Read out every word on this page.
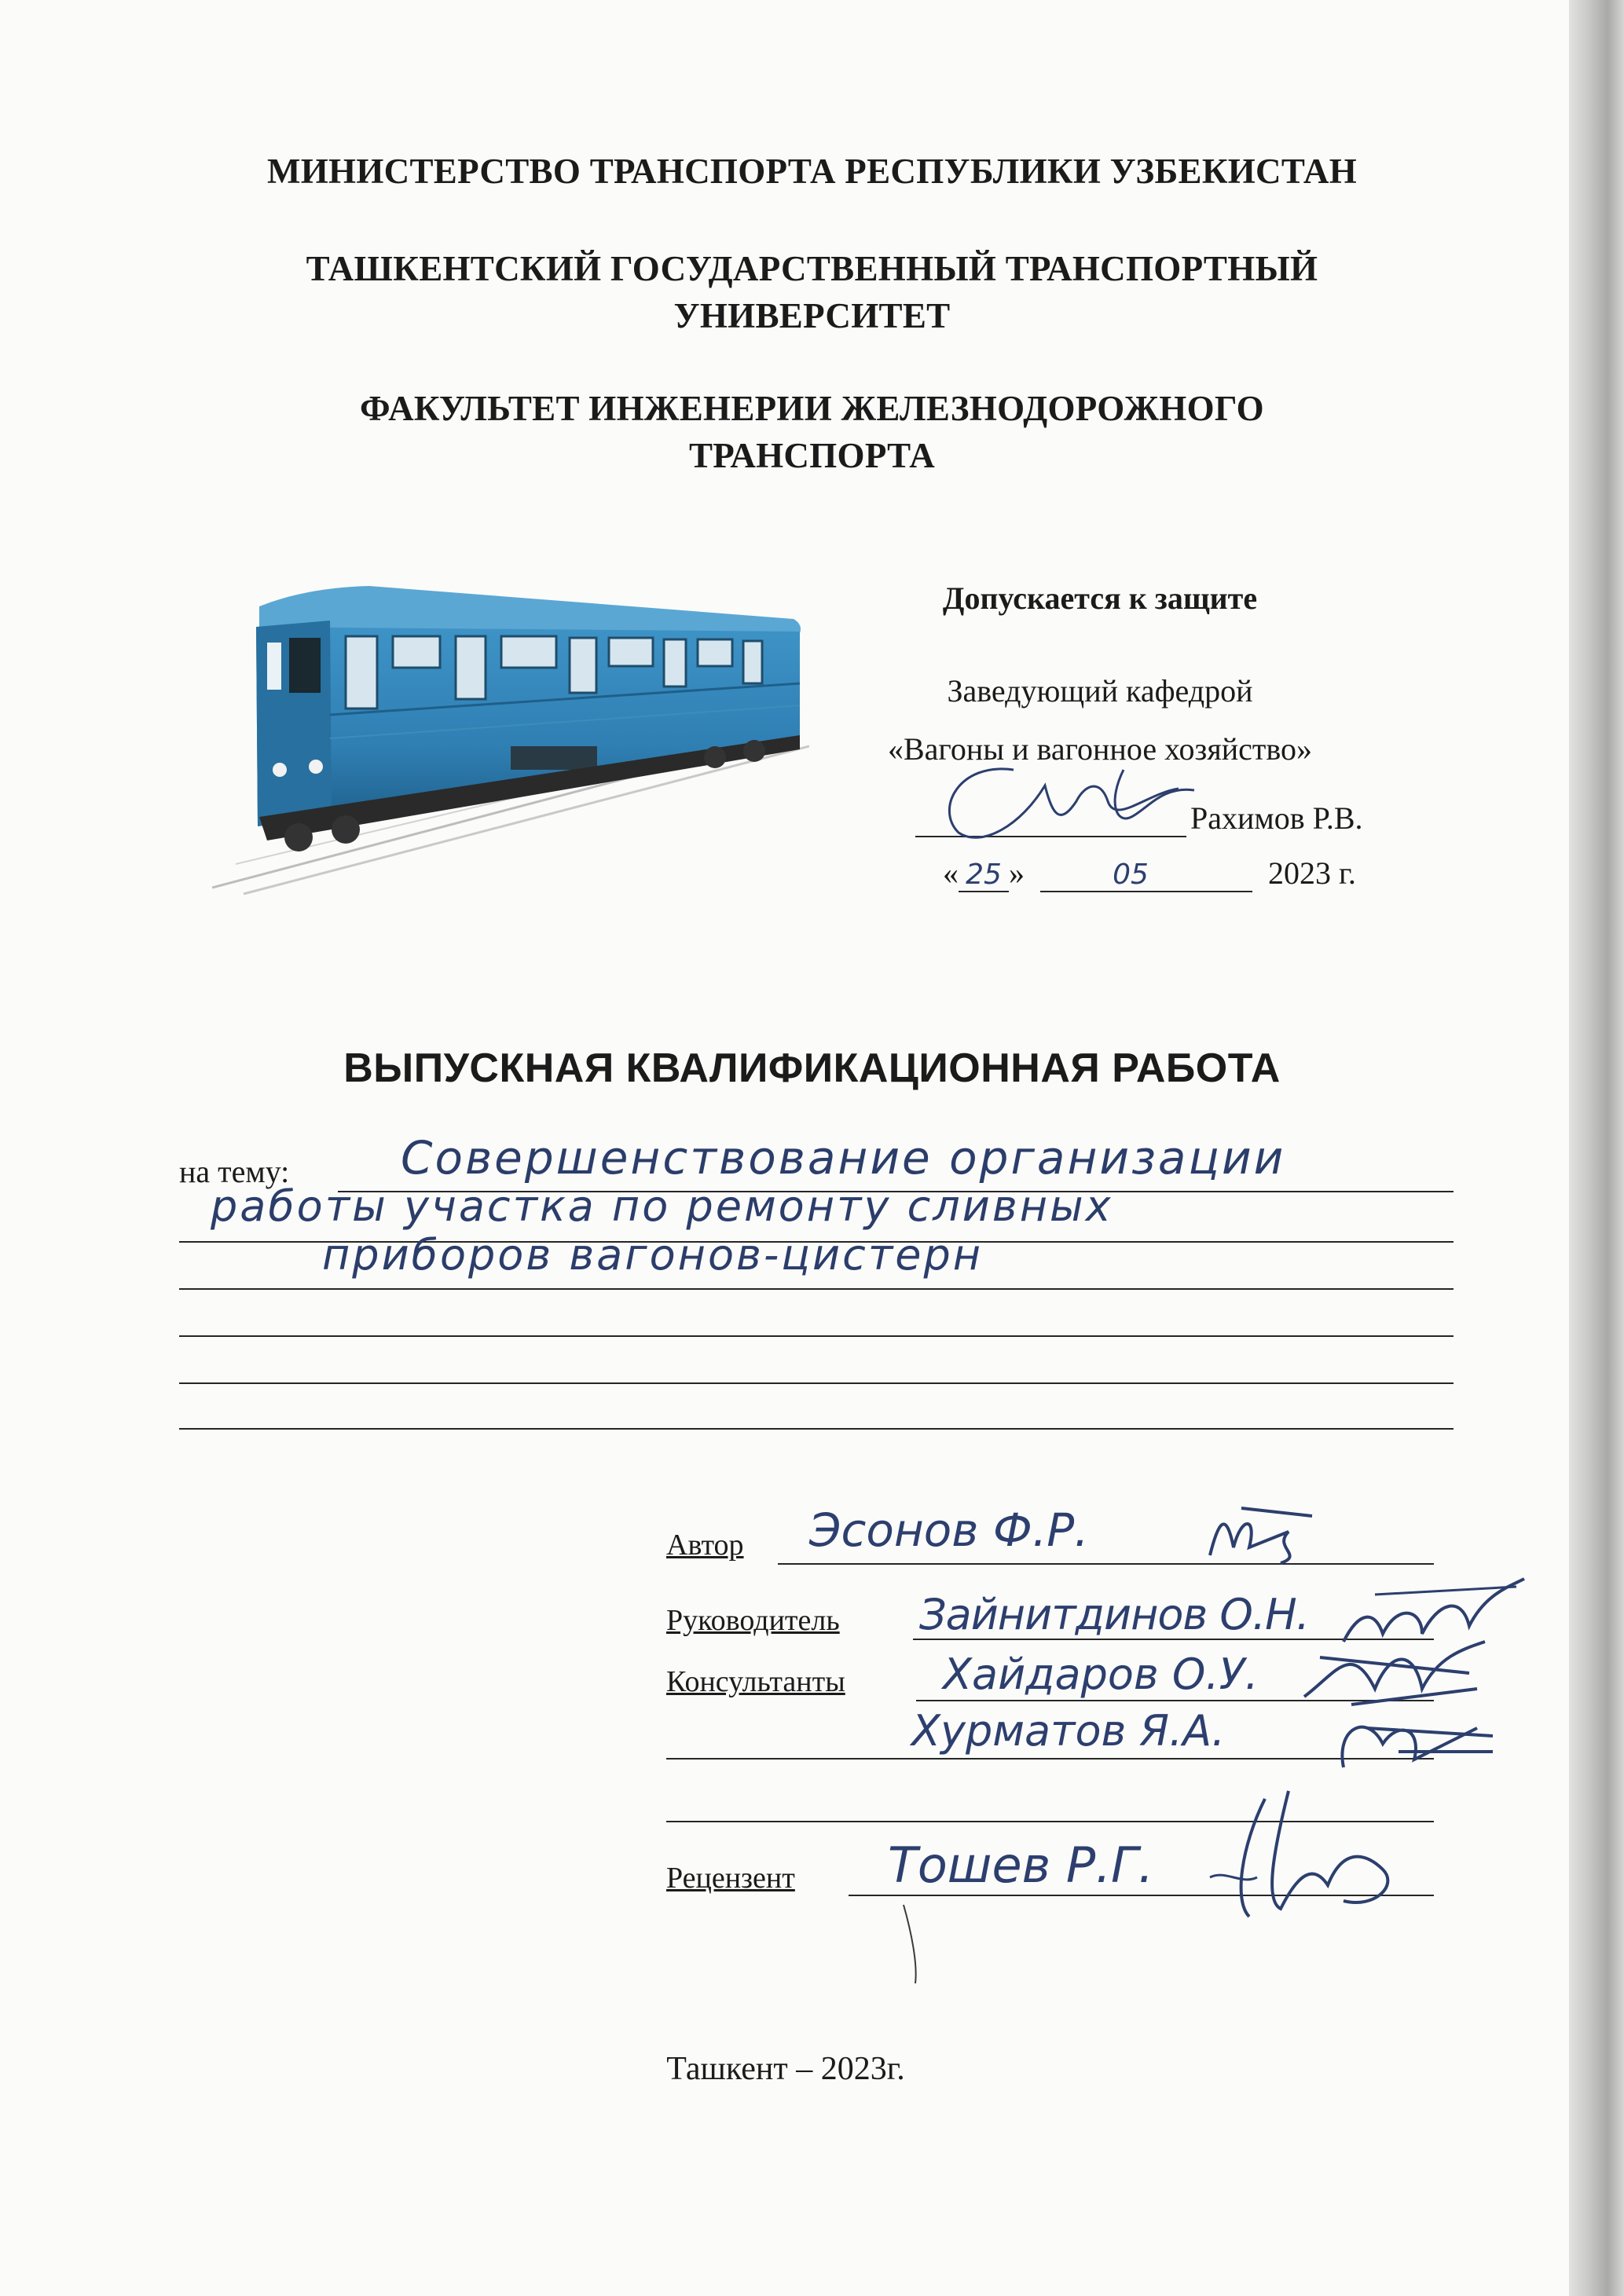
МИНИСТЕРСТВО ТРАНСПОРТА РЕСПУБЛИКИ УЗБЕКИСТАН
ТАШКЕНТСКИЙ ГОСУДАРСТВЕННЫЙ ТРАНСПОРТНЫЙ
УНИВЕРСИТЕТ
ФАКУЛЬТЕТ ИНЖЕНЕРИИ ЖЕЛЕЗНОДОРОЖНОГО
ТРАНСПОРТА
Допускается к защите
Заведующий кафедрой
«Вагоны и вагонное хозяйство»
Рахимов Р.В.
« 25 »	05	2023 г.
ВЫПУСКНАЯ КВАЛИФИКАЦИОННАЯ РАБОТА
на тему: Совершенствование организации
работы участка по ремонту сливных
приборов вагонов-цистерн
Автор Эсонов Ф.Р.
Руководитель Зайнитдинов О.Н.
Консультанты Хайдаров О.У.
Хурматов Я.А.
Рецензент Тошев Р.Г.
Ташкент – 2023г.
